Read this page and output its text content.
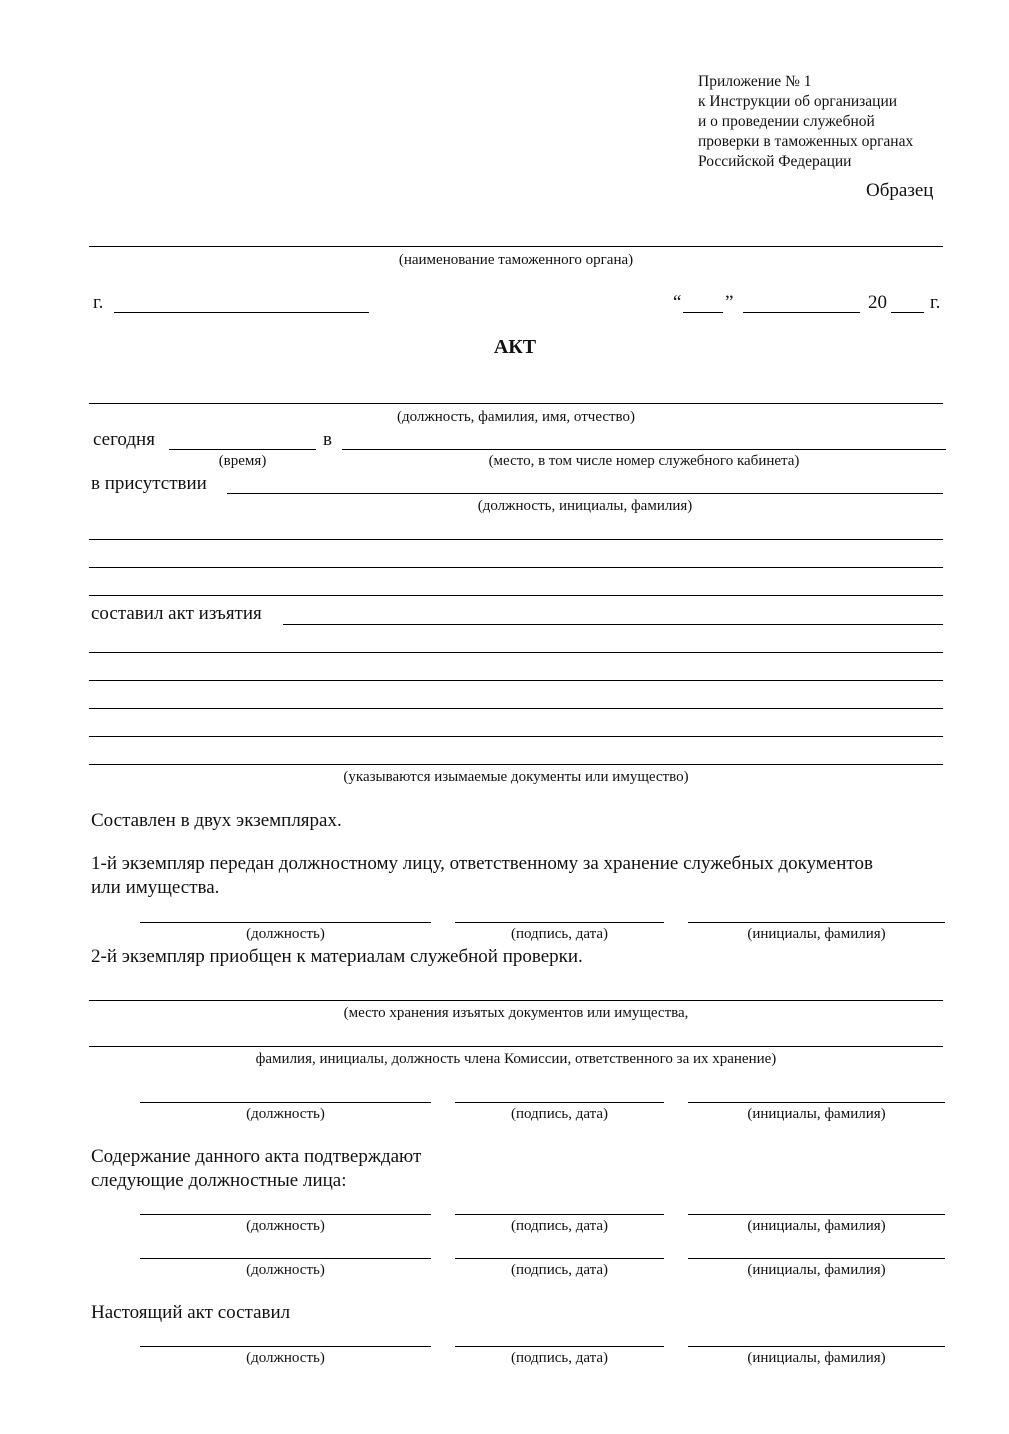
Приложение № 1
к Инструкции об организации
и о проведении служебной
проверки в таможенных органах
Российской Федерации
Образец
(наименование таможенного органа)
г.	“ ”	20 г.
АКТ
(должность, фамилия, имя, отчество)
сегодня	в
(время)	(место, в том числе номер служебного кабинета)
в присутствии
(должность, инициалы, фамилия)
составил акт изъятия
(указываются изымаемые документы или имущество)
Составлен в двух экземплярах.
1-й экземпляр передан должностному лицу, ответственному за хранение служебных документов
или имущества.
(должность)	(подпись, дата)	(инициалы, фамилия)
2-й экземпляр приобщен к материалам служебной проверки.
(место хранения изъятых документов или имущества,
фамилия, инициалы, должность члена Комиссии, ответственного за их хранение)
(должность)	(подпись, дата)	(инициалы, фамилия)
Содержание данного акта подтверждают
следующие должностные лица:
(должность)	(подпись, дата)	(инициалы, фамилия)
(должность)	(подпись, дата)	(инициалы, фамилия)
Настоящий акт составил
(должность)	(подпись, дата)	(инициалы, фамилия)
